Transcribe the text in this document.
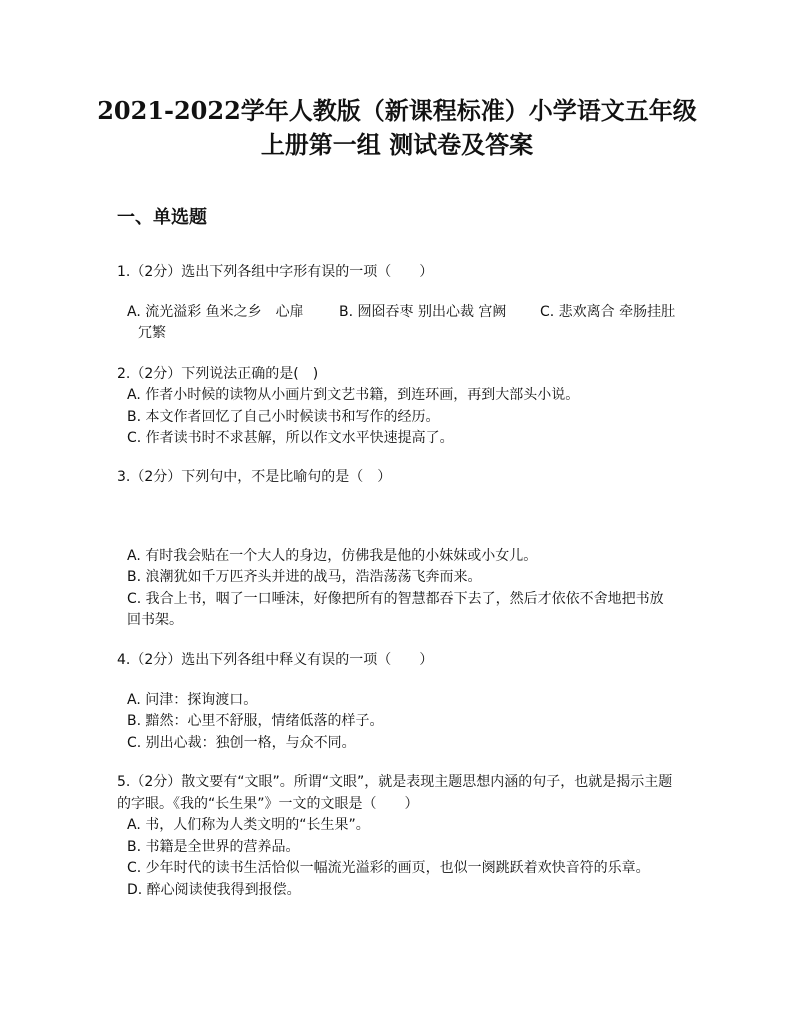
2021-2022学年人教版（新课程标准）小学语文五年级
上册第一组 测试卷及答案
一、单选题

1.（2分）选出下列各组中字形有误的一项（　　）

A. 流光溢彩 鱼米之乡　心扉	B. 囫囵吞枣 别出心裁 宫阙 C. 悲欢离合 牵肠挂肚

冗繁

2.（2分）下列说法正确的是(　)

A. 作者小时候的读物从小画片到文艺书籍，到连环画，再到大部头小说。

B. 本文作者回忆了自己小时候读书和写作的经历。

C. 作者读书时不求甚解，所以作文水平快速提高了。

3.（2分）下列句中，不是比喻句的是（　）

A. 有时我会贴在一个大人的身边，仿佛我是他的小妹妹或小女儿。

B. 浪潮犹如千万匹齐头并进的战马，浩浩荡荡飞奔而来。

C. 我合上书，咽了一口唾沫，好像把所有的智慧都吞下去了，然后才依依不舍地把书放

回书架。

4.（2分）选出下列各组中释义有误的一项（　　）

A. 问津：探询渡口。

B. 黯然：心里不舒服，情绪低落的样子。

C. 别出心裁：独创一格，与众不同。

5.（2分）散文要有“文眼”。所谓“文眼”，就是表现主题思想内涵的句子，也就是揭示主题

的字眼。《我的“长生果”》一文的文眼是（　　）

A. 书，人们称为人类文明的“长生果”。

B. 书籍是全世界的营养品。

C. 少年时代的读书生活恰似一幅流光溢彩的画页，也似一阕跳跃着欢快音符的乐章。

D. 醉心阅读使我得到报偿。
